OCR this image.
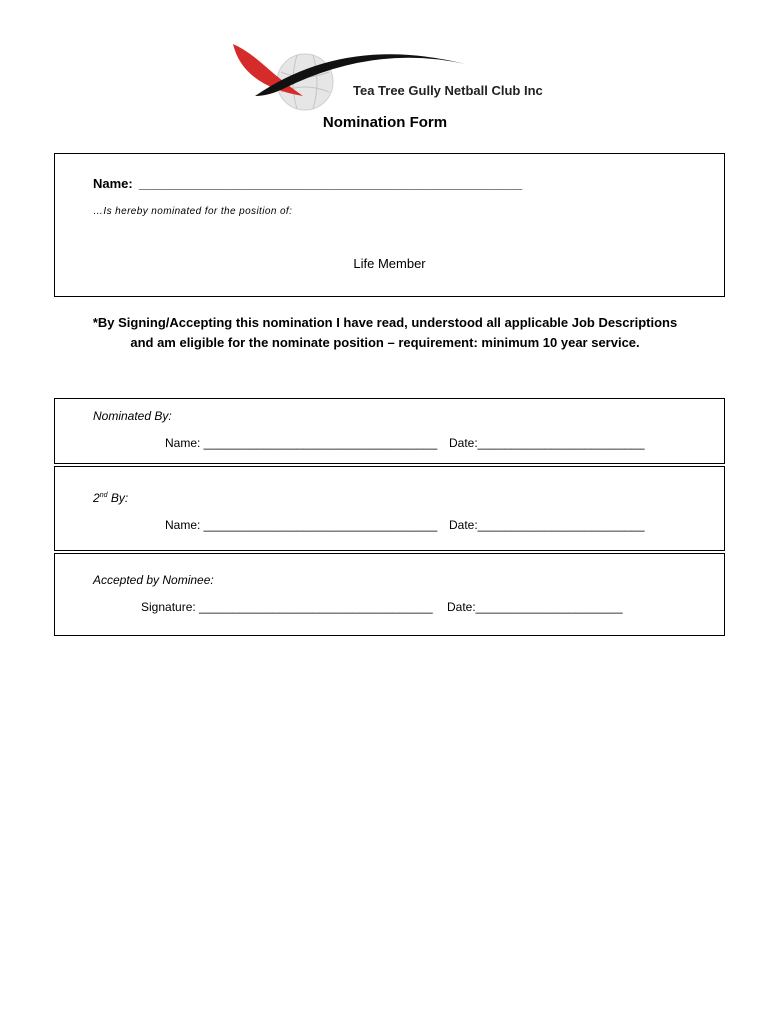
Tea Tree Gully Netball Club Inc
Nomination Form
Name: _____________________________________________________
…Is hereby nominated for the position of:
Life Member
*By Signing/Accepting this nomination I have read, understood all applicable Job Descriptions and am eligible for the nominate position – requirement: minimum 10 year service.
Nominated By:
Name: ___________________________________ Date:_________________________
2nd By:
Name: ___________________________________ Date:_________________________
Accepted by Nominee:
Signature: ___________________________________ Date:______________________
